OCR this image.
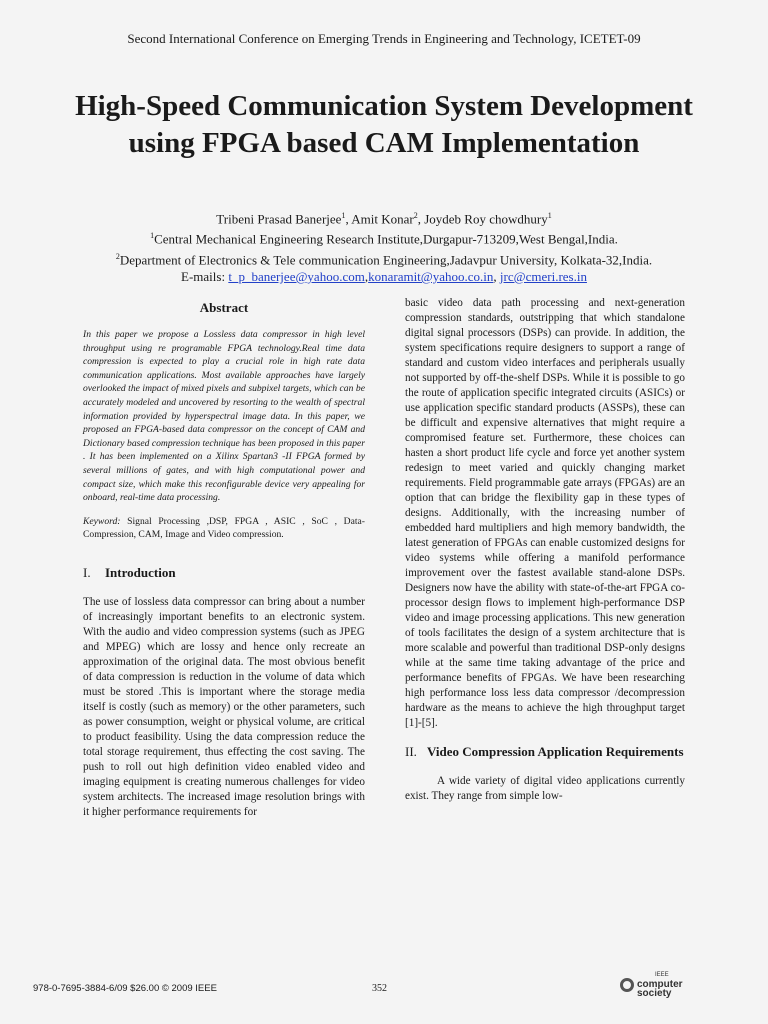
Second International Conference on Emerging Trends in Engineering and Technology, ICETET-09
High-Speed Communication System Development using FPGA based CAM Implementation
Tribeni Prasad Banerjee$^1$, Amit Konar$^2$, Joydeb Roy chowdhury$^1$
$^1$Central Mechanical Engineering Research Institute,Durgapur-713209,West Bengal,India.
$^2$Department of Electronics & Tele communication Engineering,Jadavpur University, Kolkata-32,India.
E-mails: t_p_banerjee@yahoo.com,konaramit@yahoo.co.in, jrc@cmeri.res.in
Abstract

In this paper we propose a Lossless data compressor in high level throughput using re programable FPGA technology.Real time data compression is expected to play a crucial role in high rate data communication applications. Most available approaches have largely overlooked the impact of mixed pixels and subpixel targets, which can be accurately modeled and uncovered by resorting to the wealth of spectral information provided by hyperspectral image data. In this paper, we proposed an FPGA-based data compressor on the concept of CAM and Dictionary based compression technique has been proposed in this paper . It has been implemented on a Xilinx Spartan3 -II FPGA formed by several millions of gates, and with high computational power and compact size, which make this reconfigurable device very appealing for onboard, real-time data processing.

Keyword: Signal Processing ,DSP, FPGA , ASIC , SoC , Data-Compression, CAM, Image and Video compression.

I.	Introduction

The use of lossless data compressor can bring about a number of increasingly important benefits to an electronic system. With the audio and video compression systems (such as JPEG and MPEG) which are lossy and hence only recreate an approximation of the original data. The most obvious benefit of data compression is reduction in the volume of data which must be stored .This is important where the storage media itself is costly (such as memory) or the other parameters, such as power consumption, weight or physical volume, are critical to product feasibility. Using the data compression reduce the total storage requirement, thus effecting the cost saving. The push to roll out high definition video enabled video and imaging equipment is creating numerous challenges for video system architects. The increased image resolution brings with it higher performance requirements for

basic video data path processing and next-generation compression standards, outstripping that which standalone digital signal processors (DSPs) can provide. In addition, the system specifications require designers to support a range of standard and custom video interfaces and peripherals usually not supported by off-the-shelf DSPs. While it is possible to go the route of application specific integrated circuits (ASICs) or use application specific standard products (ASSPs), these can be difficult and expensive alternatives that might require a compromised feature set. Furthermore, these choices can hasten a short product life cycle and force yet another system redesign to meet varied and quickly changing market requirements. Field programmable gate arrays (FPGAs) are an option that can bridge the flexibility gap in these types of designs. Additionally, with the increasing number of embedded hard multipliers and high memory bandwidth, the latest generation of FPGAs can enable customized designs for video systems while offering a manifold performance improvement over the fastest available stand-alone DSPs. Designers now have the ability with state-of-the-art FPGA co-processor design flows to implement high-performance DSP video and image processing applications. This new generation of tools facilitates the design of a system architecture that is more scalable and powerful than traditional DSP-only designs while at the same time taking advantage of the price and performance benefits of FPGAs. We have been researching high performance loss less data compressor /decompression hardware as the means to achieve the high throughput target [1]-[5].

II. Video Compression Application Requirements

A wide variety of digital video applications currently exist. They range from simple low-

978-0-7695-3884-6/09 $26.00 © 2009 IEEE	352
IEEE
computer
society
